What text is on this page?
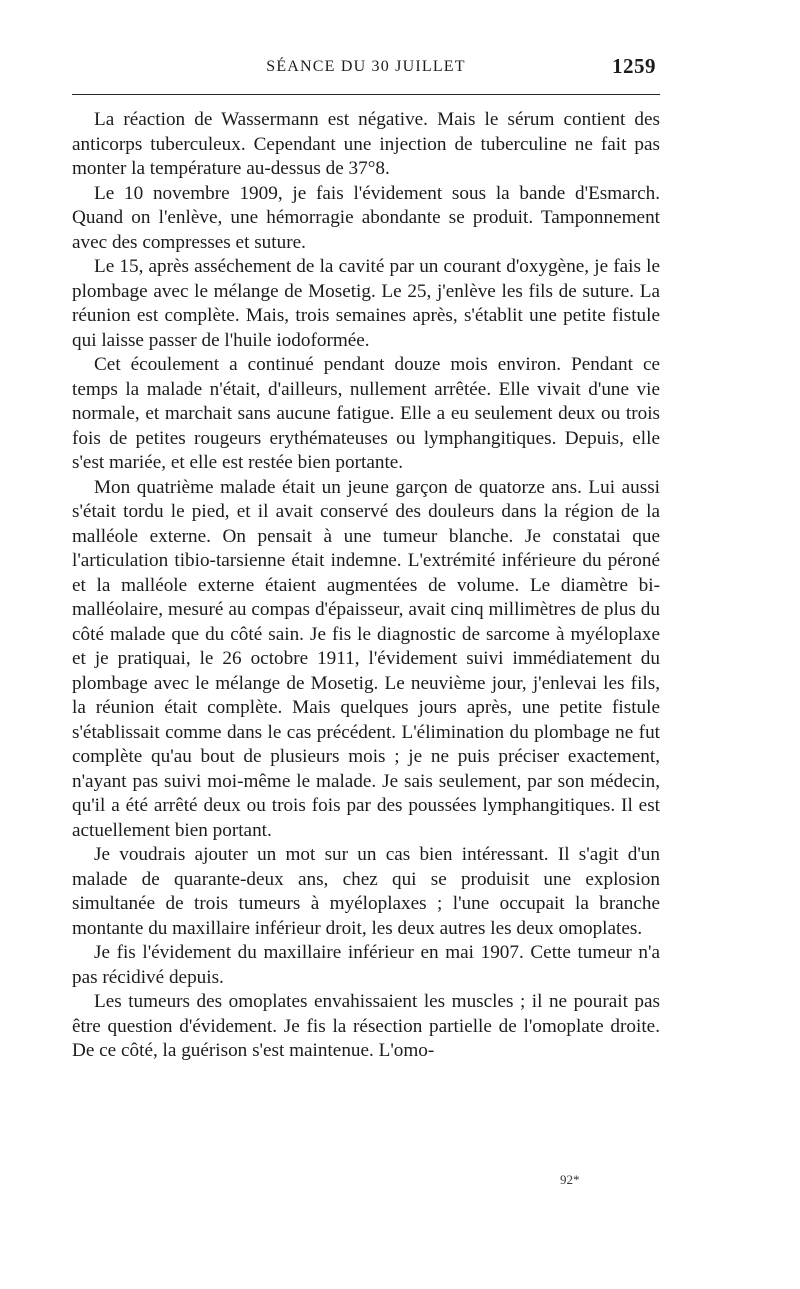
SÉANCE DU 30 JUILLET	1259

La réaction de Wassermann est négative. Mais le sérum contient des anticorps tuberculeux. Cependant une injection de tuberculine ne fait pas monter la température au-dessus de 37°8.

Le 10 novembre 1909, je fais l'évidement sous la bande d'Esmarch. Quand on l'enlève, une hémorragie abondante se produit. Tamponnement avec des compresses et suture.

Le 15, après asséchement de la cavité par un courant d'oxygène, je fais le plombage avec le mélange de Mosetig. Le 25, j'enlève les fils de suture. La réunion est complète. Mais, trois semaines après, s'établit une petite fistule qui laisse passer de l'huile iodoformée.

Cet écoulement a continué pendant douze mois environ. Pendant ce temps la malade n'était, d'ailleurs, nullement arrêtée. Elle vivait d'une vie normale, et marchait sans aucune fatigue. Elle a eu seulement deux ou trois fois de petites rougeurs erythémateuses ou lymphangitiques. Depuis, elle s'est mariée, et elle est restée bien portante.

Mon quatrième malade était un jeune garçon de quatorze ans. Lui aussi s'était tordu le pied, et il avait conservé des douleurs dans la région de la malléole externe. On pensait à une tumeur blanche. Je constatai que l'articulation tibio-tarsienne était indemne. L'extrémité inférieure du péroné et la malléole externe étaient augmentées de volume. Le diamètre bi-malléolaire, mesuré au compas d'épaisseur, avait cinq millimètres de plus du côté malade que du côté sain. Je fis le diagnostic de sarcome à myéloplaxe et je pratiquai, le 26 octobre 1911, l'évidement suivi immédiatement du plombage avec le mélange de Mosetig. Le neuvième jour, j'enlevai les fils, la réunion était complète. Mais quelques jours après, une petite fistule s'établissait comme dans le cas précédent. L'élimination du plombage ne fut complète qu'au bout de plusieurs mois ; je ne puis préciser exactement, n'ayant pas suivi moi-même le malade. Je sais seulement, par son médecin, qu'il a été arrêté deux ou trois fois par des poussées lymphangitiques. Il est actuellement bien portant.

Je voudrais ajouter un mot sur un cas bien intéressant. Il s'agit d'un malade de quarante-deux ans, chez qui se produisit une explosion simultanée de trois tumeurs à myéloplaxes ; l'une occupait la branche montante du maxillaire inférieur droit, les deux autres les deux omoplates.

Je fis l'évidement du maxillaire inférieur en mai 1907. Cette tumeur n'a pas récidivé depuis.

Les tumeurs des omoplates envahissaient les muscles ; il ne pourait pas être question d'évidement. Je fis la résection partielle de l'omoplate droite. De ce côté, la guérison s'est maintenue. L'omo-

92*
